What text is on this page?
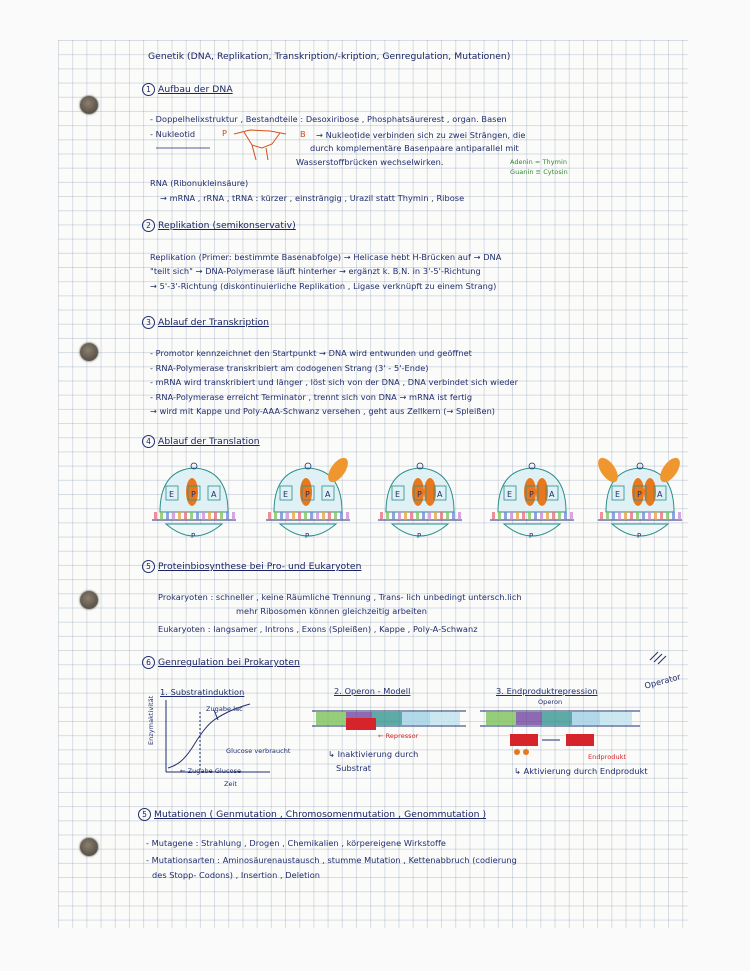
Genetik (DNA, Replikation, Transkription/-kription, Genregulation, Mutationen)
1 Aufbau der DNA
- Doppelhelixstruktur , Bestandteile : Desoxiribose , Phosphatsäurerest , organ. Basen
- Nukleotid	P	B → Nukleotide verbinden sich zu zwei Strängen, die
durch komplementäre Basenpaare antiparallel mit
Wasserstoffbrücken wechselwirken.	Adenin = Thymin
Guanin ≡ Cytosin
RNA (Ribonukleinsäure)
→ mRNA , rRNA , tRNA : kürzer , einsträngig , Urazil statt Thymin , Ribose
2 Replikation (semikonservativ)
Replikation (Primer: bestimmte Basenabfolge) → Helicase hebt H-Brücken auf → DNA
"teilt sich" → DNA-Polymerase läuft hinterher → ergänzt k. B.N. in 3'-5'-Richtung
→ 5'-3'-Richtung (diskontinuierliche Replikation , Ligase verknüpft zu einem Strang)
3 Ablauf der Transkription
- Promotor kennzeichnet den Startpunkt → DNA wird entwunden und geöffnet
- RNA-Polymerase transkribiert am codogenen Strang (3' - 5'-Ende)
- mRNA wird transkribiert und länger , löst sich von der DNA , DNA verbindet sich wieder
- RNA-Polymerase erreicht Terminator , trennt sich von DNA → mRNA ist fertig
→ wird mit Kappe und Poly-AAA-Schwanz versehen , geht aus Zellkern (→ Spleißen)
4 Ablauf der Translation
E P A
P
E P A
P
E P A
P
E P A
P
E P A
P
5 Proteinbiosynthese bei Pro- und Eukaryoten
Prokaryoten : schneller , keine Räumliche Trennung , Trans- lich unbedingt untersch.lich
mehr Ribosomen können gleichzeitig arbeiten
Eukaryoten : langsamer , Introns , Exons (Spleißen) , Kappe , Poly-A-Schwanz
6 Genregulation bei Prokaryoten
Operator
1. Substratinduktion	2. Operon - Modell	3. Endproduktrepression
Operon
Zugabe lac
Glucose verbraucht
← Zugabe Glucose
Zeit
Enzymaktivität	← Repressor
↳ Inaktivierung durch
Substrat
Endprodukt
↳ Aktivierung durch Endprodukt
5 Mutationen ( Genmutation , Chromosomenmutation , Genommutation )
- Mutagene : Strahlung , Drogen , Chemikalien , körpereigene Wirkstoffe
- Mutationsarten : Aminosäurenaustausch , stumme Mutation , Kettenabbruch (codierung
des Stopp- Codons) , Insertion , Deletion
